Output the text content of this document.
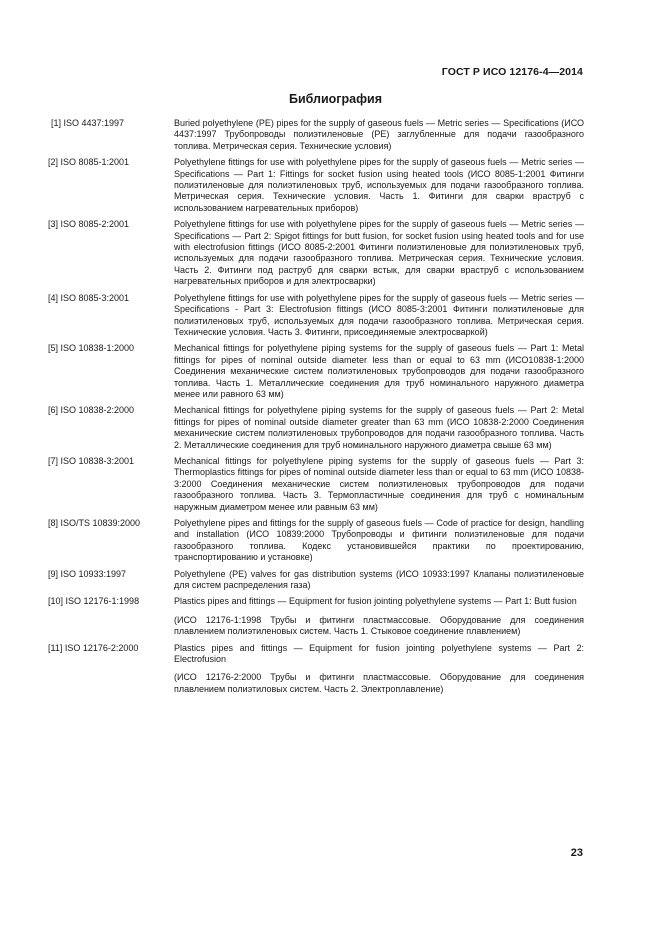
ГОСТ Р ИСО 12176-4—2014
Библиография
[1] ISO 4437:1997	Buried polyethylene (PE) pipes for the supply of gaseous fuels — Metric series — Specifications (ИСО 4437:1997 Трубопроводы полиэтиленовые (РЕ) заглубленные для подачи газообразного топлива. Метрическая серия. Технические условия)

[2] ISO 8085-1:2001	Polyethylene fittings for use with polyethylene pipes for the supply of gaseous fuels — Metric series — Specifications — Part 1: Fittings for socket fusion using heated tools (ИСО 8085-1:2001 Фитинги полиэтиленовые для полиэтиленовых труб, используемых для подачи газообразного топлива. Метрическая серия. Технические условия. Часть 1. Фитинги для сварки враструб с использованием нагревательных приборов)

[3] ISO 8085-2:2001	Polyethylene fittings for use with polyethylene pipes for the supply of gaseous fuels — Metric series — Specifications — Part 2: Spigot fittings for butt fusion, for socket fusion using heated tools and for use with electrofusion fittings (ИСО 8085-2:2001 Фитинги полиэтиленовые для полиэтиленовых труб, используемых для подачи газообразного топлива. Метрическая серия. Технические условия. Часть 2. Фитинги под раструб для сварки встык, для сварки враструб с использованием нагревательных приборов и для электросварки)

[4] ISO 8085-3:2001	Polyethylene fittings for use with polyethylene pipes for the supply of gaseous fuels — Metric series — Specifications - Part 3: Electrofusion fittings (ИСО 8085-3:2001 Фитинги полиэтиленовые для полиэтиленовых труб, используемых для подачи газообразного топлива. Метрическая серия. Технические условия. Часть 3. Фитинги, присоединяемые электросваркой)

[5] ISO 10838-1:2000	Mechanical fittings for polyethylene piping systems for the supply of gaseous fuels — Part 1: Metal fittings for pipes of nominal outside diameter less than or equal to 63 mm (ИСО10838-1:2000 Соединения механические систем полиэтиленовых трубопроводов для подачи газообразного топлива. Часть 1. Металлические соединения для труб номинального наружного диаметра менее или равного 63 мм)

[6] ISO 10838-2:2000	Mechanical fittings for polyethylene piping systems for the supply of gaseous fuels — Part 2: Metal fittings for pipes of nominal outside diameter greater than 63 mm (ИСО 10838-2:2000 Соединения механические систем полиэтиленовых трубопроводов для подачи газообразного топлива. Часть 2. Металлические соединения для труб номинального наружного диаметра свыше 63 мм)

[7] ISO 10838-3:2001	Mechanical fittings for polyethylene piping systems for the supply of gaseous fuels — Part 3: Thermoplastics fittings for pipes of nominal outside diameter less than or equal to 63 mm (ИСО 10838-3:2000 Соединения механические систем полиэтиленовых трубопроводов для подачи газообразного топлива. Часть 3. Термопластичные соединения для труб с номинальным наружным диаметром менее или равным 63 мм)

[8] ISO/TS 10839:2000	Polyethylene pipes and fittings for the supply of gaseous fuels — Code of practice for design, handling and installation (ИСО 10839:2000 Трубопроводы и фитинги полиэтиленовые для подачи газообразного топлива. Кодекс установившейся практики по проектированию, транспортированию и установке)

[9] ISO 10933:1997	Polyethylene (PE) valves for gas distribution systems (ИСО 10933:1997 Клапаны полиэтиленовые для систем распределения газа)

[10] ISO 12176-1:1998	Plastics pipes and fittings — Equipment for fusion jointing polyethylene systems — Part 1: Butt fusion

(ИСО 12176-1:1998 Трубы и фитинги пластмассовые. Оборудование для соединения плавлением полиэтиленовых систем. Часть 1. Стыковое соединение плавлением)

[11] ISO 12176-2:2000	Plastics pipes and fittings — Equipment for fusion jointing polyethylene systems — Part 2: Electrofusion

(ИСО 12176-2:2000 Трубы и фитинги пластмассовые. Оборудование для соединения плавлением полиэтиловых систем. Часть 2. Электроплавление)

23
